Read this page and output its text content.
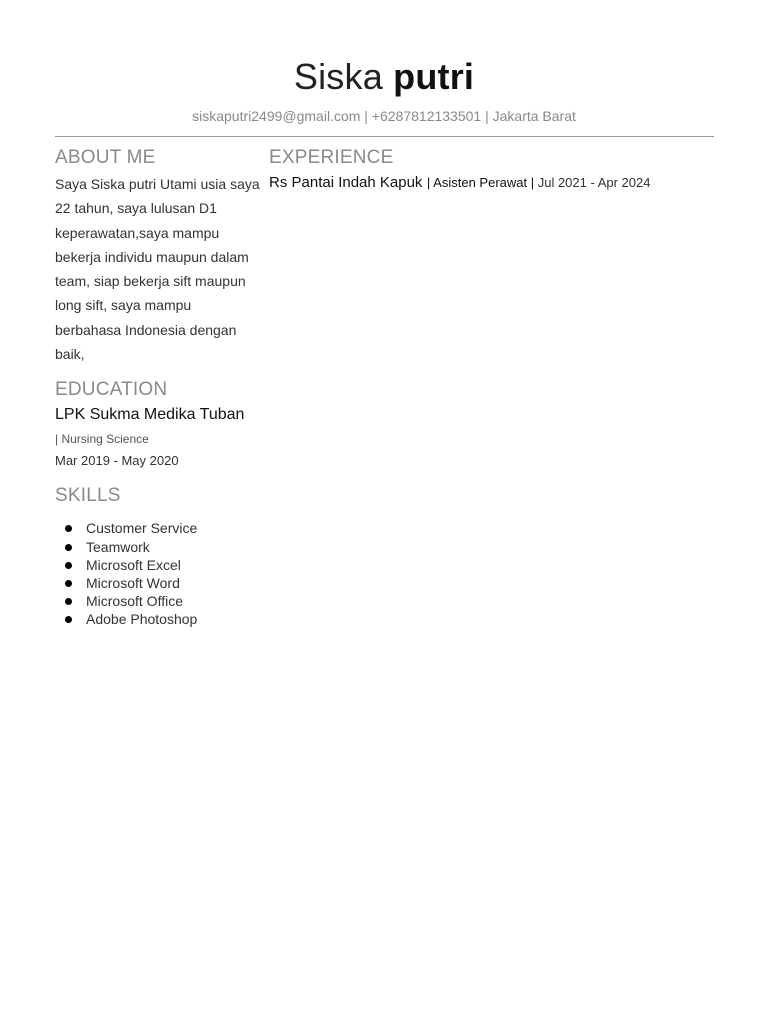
Siska putri
siskaputri2499@gmail.com | +6287812133501 | Jakarta Barat
ABOUT ME
Saya Siska putri Utami usia saya 22 tahun, saya lulusan D1 keperawatan,saya mampu bekerja individu maupun dalam team, siap bekerja sift maupun long sift, saya mampu berbahasa Indonesia dengan baik,
EDUCATION
LPK Sukma Medika Tuban
| Nursing Science
Mar 2019 - May 2020
SKILLS
Customer Service
Teamwork
Microsoft Excel
Microsoft Word
Microsoft Office
Adobe Photoshop
EXPERIENCE
Rs Pantai Indah Kapuk | Asisten Perawat | Jul 2021 - Apr 2024
